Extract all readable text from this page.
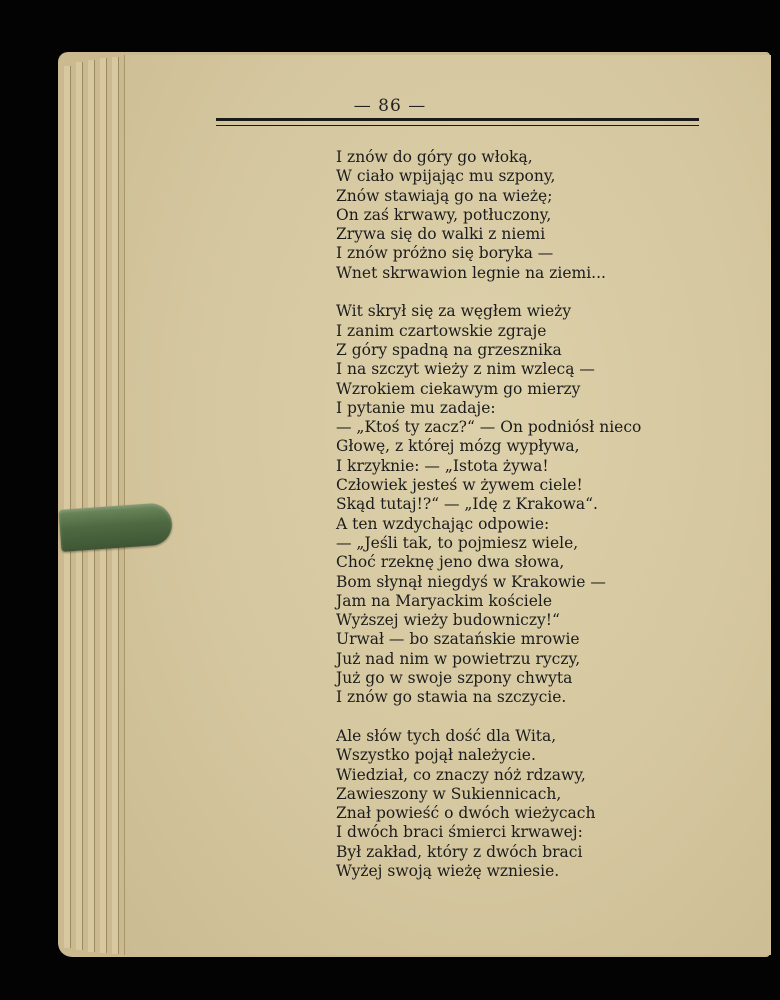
— 86 —
I znów do góry go włoką,
W ciało wpijając mu szpony,
Znów stawiają go na wieżę;
On zaś krwawy, potłuczony,
Zrywa się do walki z niemi
I znów próżno się boryka —
Wnet skrwawion legnie na ziemi...
Wit skrył się za węgłem wieży
I zanim czartowskie zgraje
Z góry spadną na grzesznika
I na szczyt wieży z nim wzlecą —
Wzrokiem ciekawym go mierzy
I pytanie mu zadaje:
— „Ktoś ty zacz?“ — On podniósł nieco
Głowę, z której mózg wypływa,
I krzyknie: — „Istota żywa!
Człowiek jesteś w żywem ciele!
Skąd tutaj!?“ — „Idę z Krakowa“.
A ten wzdychając odpowie:
— „Jeśli tak, to pojmiesz wiele,
Choć rzeknę jeno dwa słowa,
Bom słynął niegdyś w Krakowie —
Jam na Maryackim kościele
Wyższej wieży budowniczy!“
Urwał — bo szatańskie mrowie
Już nad nim w powietrzu ryczy,
Już go w swoje szpony chwyta
I znów go stawia na szczycie.
Ale słów tych dość dla Wita,
Wszystko pojął należycie.
Wiedział, co znaczy nóż rdzawy,
Zawieszony w Sukiennicach,
Znał powieść o dwóch wieżycach
I dwóch braci śmierci krwawej:
Był zakład, który z dwóch braci
Wyżej swoją wieżę wzniesie.
